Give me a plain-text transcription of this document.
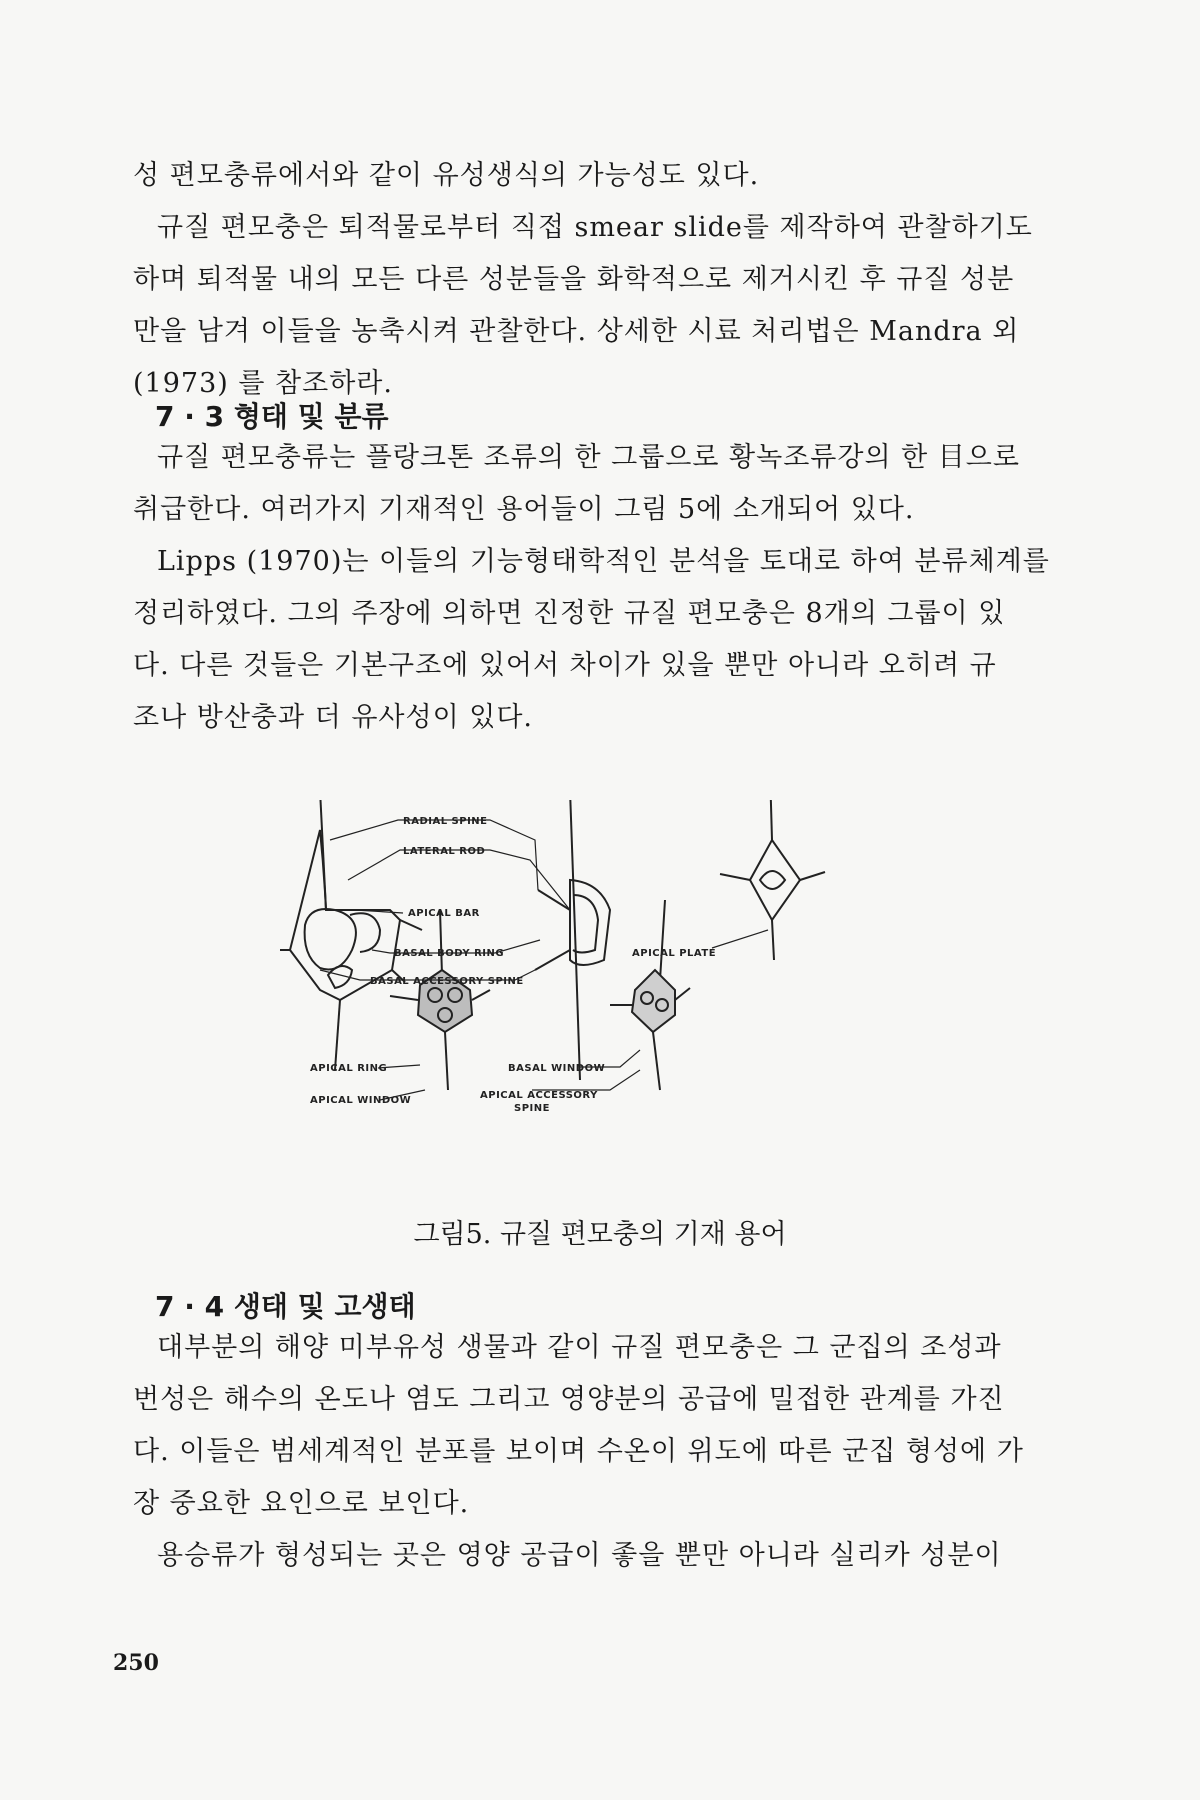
성 편모충류에서와 같이 유성생식의 가능성도 있다.
규질 편모충은 퇴적물로부터 직접 smear slide를 제작하여 관찰하기도
하며 퇴적물 내의 모든 다른 성분들을 화학적으로 제거시킨 후 규질 성분
만을 남겨 이들을 농축시켜 관찰한다. 상세한 시료 처리법은 Mandra 외
(1973) 를 참조하라.

7 · 3 형태 및 분류

규질 편모충류는 플랑크톤 조류의 한 그룹으로 황녹조류강의 한 目으로
취급한다. 여러가지 기재적인 용어들이 그림 5에 소개되어 있다.
Lipps (1970)는 이들의 기능형태학적인 분석을 토대로 하여 분류체계를
정리하였다. 그의 주장에 의하면 진정한 규질 편모충은 8개의 그룹이 있
다. 다른 것들은 기본구조에 있어서 차이가 있을 뿐만 아니라 오히려 규
조나 방산충과 더 유사성이 있다.

RADIAL SPINE
LATERAL ROD
APICAL BAR
BASAL BODY RING
BASAL ACCESSORY SPINE
APICAL PLATE
APICAL RING	BASAL WINDOW
APICAL WINDOW	APICAL ACCESSORY
SPINE

그림5. 규질 편모충의 기재 용어

7 · 4 생태 및 고생태

대부분의 해양 미부유성 생물과 같이 규질 편모충은 그 군집의 조성과
번성은 해수의 온도나 염도 그리고 영양분의 공급에 밀접한 관계를 가진
다. 이들은 범세계적인 분포를 보이며 수온이 위도에 따른 군집 형성에 가
장 중요한 요인으로 보인다.
용승류가 형성되는 곳은 영양 공급이 좋을 뿐만 아니라 실리카 성분이

250
